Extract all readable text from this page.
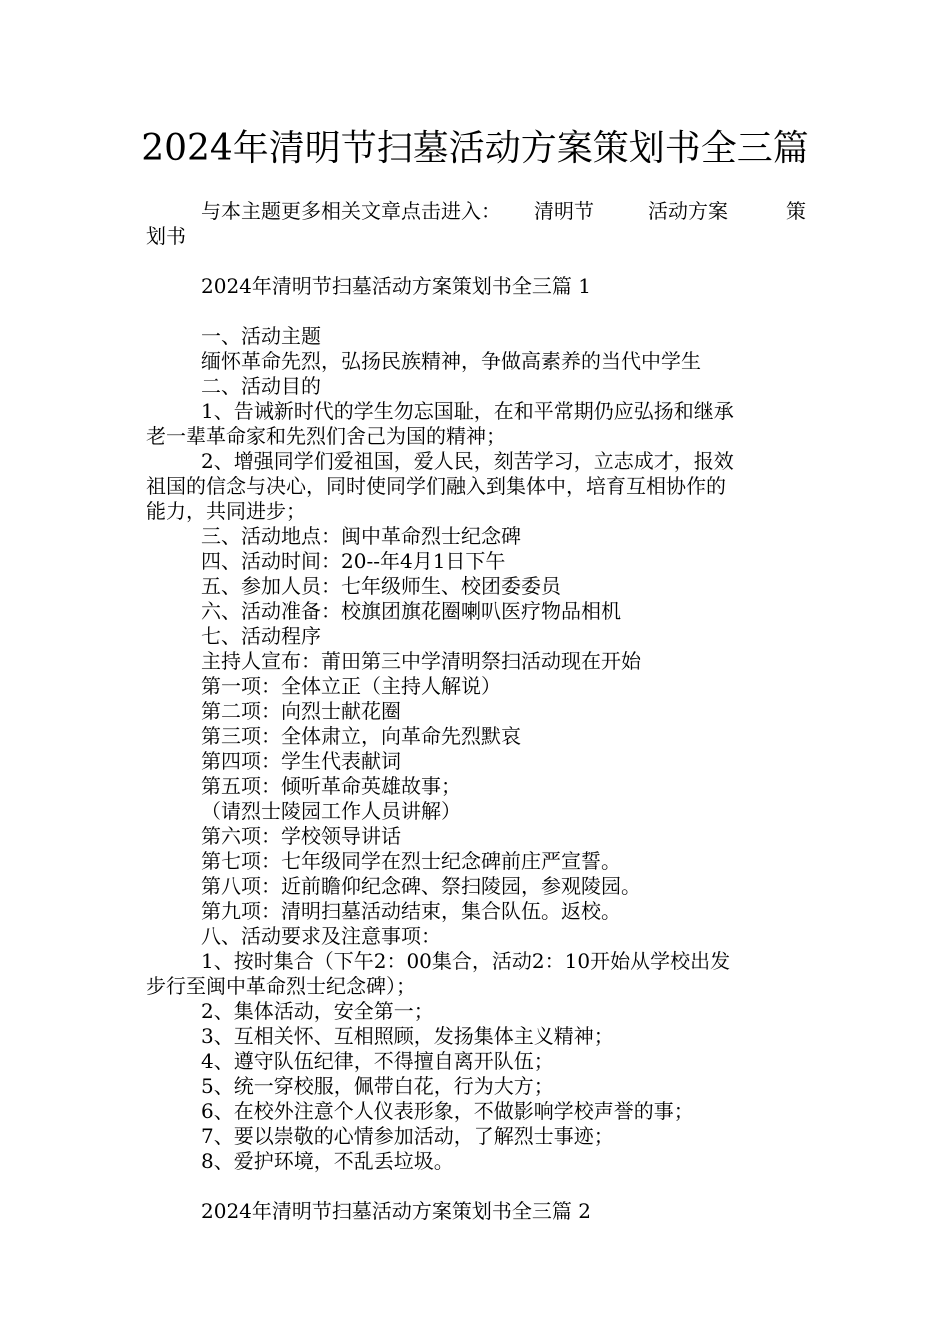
2024年清明节扫墓活动方案策划书全三篇
与本主题更多相关文章点击进入： 清明节	活动方案	策

划书

2024年清明节扫墓活动方案策划书全三篇 1

一、活动主题

缅怀革命先烈，弘扬民族精神，争做高素养的当代中学生

二、活动目的

1、告诫新时代的学生勿忘国耻，在和平常期仍应弘扬和继承

老一辈革命家和先烈们舍己为国的精神；

2、增强同学们爱祖国，爱人民，刻苦学习，立志成才，报效

祖国的信念与决心，同时使同学们融入到集体中，培育互相协作的

能力，共同进步；

三、活动地点：闽中革命烈士纪念碑

四、活动时间：20--年4月1日下午

五、参加人员：七年级师生、校团委委员

六、活动准备：校旗团旗花圈喇叭医疗物品相机

七、活动程序

主持人宣布：莆田第三中学清明祭扫活动现在开始

第一项：全体立正（主持人解说）

第二项：向烈士献花圈

第三项：全体肃立，向革命先烈默哀

第四项：学生代表献词

第五项：倾听革命英雄故事；

（请烈士陵园工作人员讲解）

第六项：学校领导讲话

第七项：七年级同学在烈士纪念碑前庄严宣誓。

第八项：近前瞻仰纪念碑、祭扫陵园，参观陵园。

第九项：清明扫墓活动结束，集合队伍。返校。

八、活动要求及注意事项：

1、按时集合（下午2：00集合，活动2：10开始从学校出发

步行至闽中革命烈士纪念碑）；

2、集体活动，安全第一；

3、互相关怀、互相照顾，发扬集体主义精神；

4、遵守队伍纪律，不得擅自离开队伍；

5、统一穿校服，佩带白花，行为大方；

6、在校外注意个人仪表形象，不做影响学校声誉的事；

7、要以崇敬的心情参加活动，了解烈士事迹；

8、爱护环境，不乱丢垃圾。

2024年清明节扫墓活动方案策划书全三篇 2
